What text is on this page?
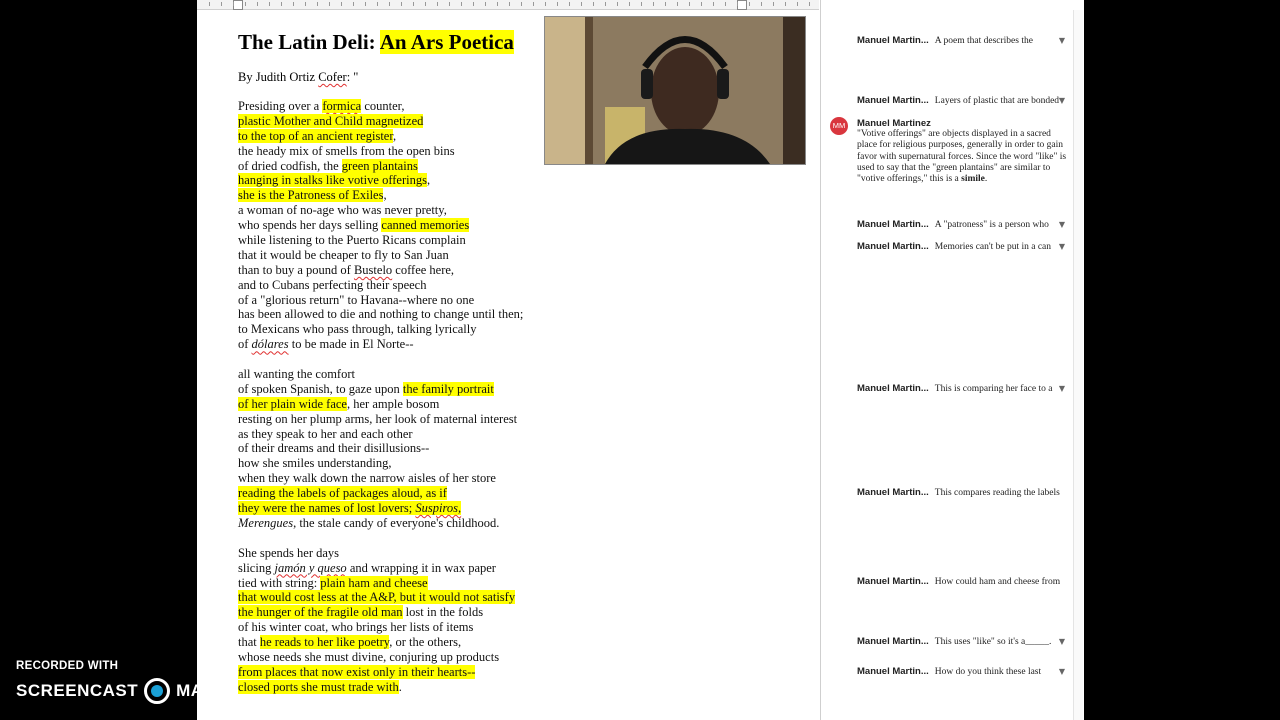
The Latin Deli: An Ars Poetica
By Judith Ortiz Cofer: "
Presiding over a formica counter,
plastic Mother and Child magnetized
to the top of an ancient register,
the heady mix of smells from the open bins
of dried codfish, the green plantains
hanging in stalks like votive offerings,
she is the Patroness of Exiles,
a woman of no-age who was never pretty,
who spends her days selling canned memories
while listening to the Puerto Ricans complain
that it would be cheaper to fly to San Juan
than to buy a pound of Bustelo coffee here,
and to Cubans perfecting their speech
of a "glorious return" to Havana--where no one
has been allowed to die and nothing to change until then;
to Mexicans who pass through, talking lyrically
of dólares to be made in El Norte--
all wanting the comfort
of spoken Spanish, to gaze upon the family portrait
of her plain wide face, her ample bosom
resting on her plump arms, her look of maternal interest
as they speak to her and each other
of their dreams and their disillusions--
how she smiles understanding,
when they walk down the narrow aisles of her store
reading the labels of packages aloud, as if
they were the names of lost lovers; Suspiros,
Merengues, the stale candy of everyone's childhood.
She spends her days
slicing jamón y queso and wrapping it in wax paper
tied with string: plain ham and cheese
that would cost less at the A&P, but it would not satisfy
the hunger of the fragile old man lost in the folds
of his winter coat, who brings her lists of items
that he reads to her like poetry, or the others,
whose needs she must divine, conjuring up products
from places that now exist only in their hearts--
closed ports she must trade with.
Manuel Martin... A poem that describes the	▼
Manuel Martin... Layers of plastic that are bonded ▼
MM Manuel Martinez
"Votive offerings" are objects displayed in a sacred place for religious purposes, generally in order to gain favor with supernatural forces. Since the word "like" is used to say that the "green plantains" are similar to "votive offerings," this is a simile.
Manuel Martin... A "patroness" is a person who ▼
Manuel Martin... Memories can't be put in a can ▼
Manuel Martin... This is comparing her face to a ▼
Manuel Martin... This compares reading the labels
Manuel Martin... How could ham and cheese from
Manuel Martin... This uses "like" so it's a_____. ▼
Manuel Martin... How do you think these last ▼
RECORDED WITH
SCREENCAST MATIC
